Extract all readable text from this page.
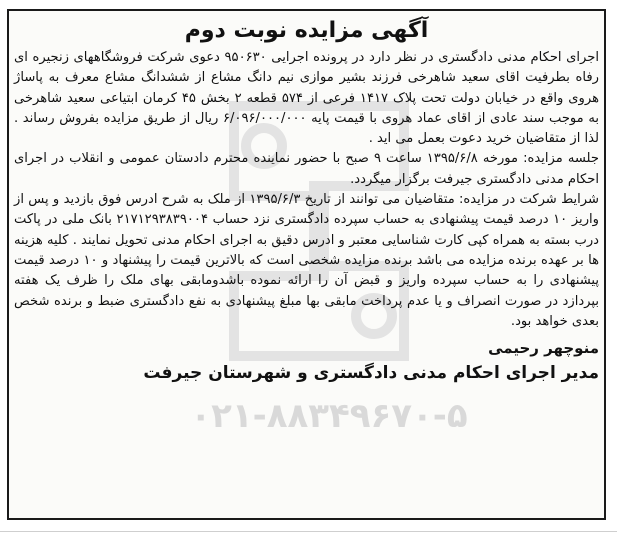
۰۲۱-۸۸۳۴۹۶۷۰-۵
آگهی مزایده نوبت دوم

اجرای احکام مدنی دادگستری در نظر دارد در پرونده اجرایی ۹۵۰۶۳۰ دعوی شرکت فروشگاههای زنجیره ای رفاه بطرفیت اقای سعید شاهرخی فرزند بشیر موازی نیم دانگ مشاع از ششدانگ مشاع معرف به پاساژ هروی واقع در خیابان دولت تحت پلاک ۱۴۱۷ فرعی از ۵۷۴ قطعه ۲ بخش ۴۵ کرمان ابتیاعی سعید شاهرخی به موجب سند عادی از اقای عماد هروی با قیمت پایه ۶/۰۹۶/۰۰۰/۰۰۰ ریال از طریق مزایده بفروش رساند . لذا از متقاضیان خرید دعوت بعمل می اید .

جلسه مزایده: مورخه ۱۳۹۵/۶/۸ ساعت ۹ صبح با حضور نماینده محترم دادستان عمومی و انقلاب در اجرای احکام مدنی دادگستری جیرفت برگزار میگردد.

شرایط شرکت در مزایده: متقاضیان می توانند از تاریخ ۱۳۹۵/۶/۳ از ملک به شرح ادرس فوق بازدید و پس از واریز ۱۰ درصد قیمت پیشنهادی به حساب سپرده دادگستری نزد حساب ۲۱۷۱۲۹۳۸۳۹۰۰۴ بانک ملی در پاکت درب بسته به همراه کپی کارت شناسایی معتبر و ادرس دقیق به اجرای احکام مدنی تحویل نمایند . کلیه هزینه ها بر عهده برنده مزایده می باشد برنده مزایده شخصی است که بالاترین قیمت را پیشنهاد و ۱۰ درصد قیمت پیشنهادی را به حساب سپرده واریز و قبض آن را ارائه نموده باشدومابقی بهای ملک را ظرف یک هفته بپردازد در صورت انصراف و یا عدم پرداخت مابقی بها مبلغ پیشنهادی به نفع دادگستری ضبط و برنده شخص بعدی خواهد بود.

منوچهر رحیمی
مدیر اجرای احکام مدنی دادگستری و شهرستان جیرفت
